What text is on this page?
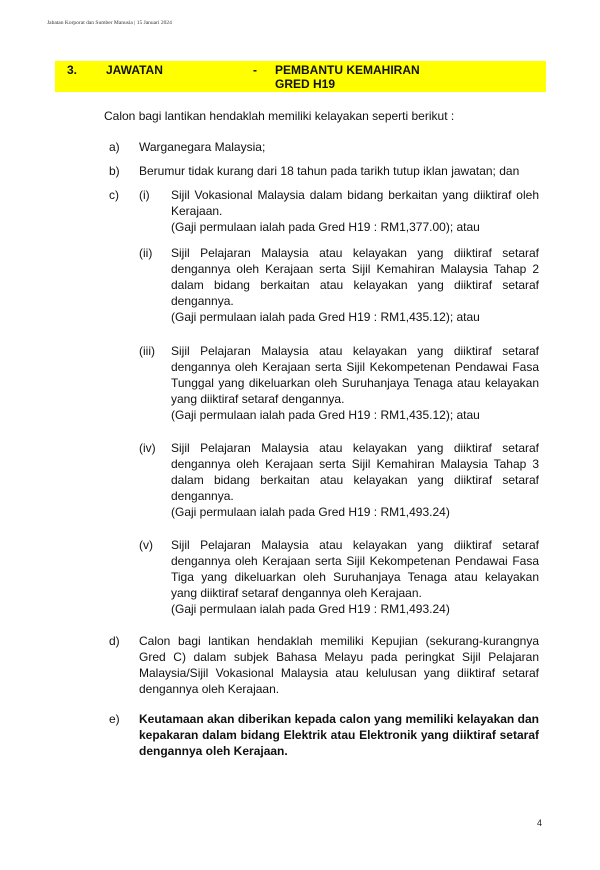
Jabatan Korporat dan Sumber Manusia | 15 Januari 2024
3. JAWATAN	- PEMBANTU KEMAHIRAN
GRED H19
Calon bagi lantikan hendaklah memiliki kelayakan seperti berikut :
a) Warganegara Malaysia;
b) Berumur tidak kurang dari 18 tahun pada tarikh tutup iklan jawatan; dan
c) (i) Sijil Vokasional Malaysia dalam bidang berkaitan yang diiktiraf oleh Kerajaan.

(Gaji permulaan ialah pada Gred H19 : RM1,377.00); atau

(ii) Sijil Pelajaran Malaysia atau kelayakan yang diiktiraf setaraf dengannya oleh Kerajaan serta Sijil Kemahiran Malaysia Tahap 2 dalam bidang berkaitan atau kelayakan yang diiktiraf setaraf dengannya.

(Gaji permulaan ialah pada Gred H19 : RM1,435.12); atau

(iii) Sijil Pelajaran Malaysia atau kelayakan yang diiktiraf setaraf dengannya oleh Kerajaan serta Sijil Kekompetenan Pendawai Fasa Tunggal yang dikeluarkan oleh Suruhanjaya Tenaga atau kelayakan yang diiktiraf setaraf dengannya.

(Gaji permulaan ialah pada Gred H19 : RM1,435.12); atau

(iv) Sijil Pelajaran Malaysia atau kelayakan yang diiktiraf setaraf dengannya oleh Kerajaan serta Sijil Kemahiran Malaysia Tahap 3 dalam bidang berkaitan atau kelayakan yang diiktiraf setaraf dengannya.

(Gaji permulaan ialah pada Gred H19 : RM1,493.24)

(v) Sijil Pelajaran Malaysia atau kelayakan yang diiktiraf setaraf dengannya oleh Kerajaan serta Sijil Kekompetenan Pendawai Fasa Tiga yang dikeluarkan oleh Suruhanjaya Tenaga atau kelayakan yang diiktiraf setaraf dengannya oleh Kerajaan.

(Gaji permulaan ialah pada Gred H19 : RM1,493.24)

d) Calon bagi lantikan hendaklah memiliki Kepujian (sekurang-kurangnya Gred C) dalam subjek Bahasa Melayu pada peringkat Sijil Pelajaran Malaysia/Sijil Vokasional Malaysia atau kelulusan yang diiktiraf setaraf dengannya oleh Kerajaan.
e) Keutamaan akan diberikan kepada calon yang memiliki kelayakan dan kepakaran dalam bidang Elektrik atau Elektronik yang diiktiraf setaraf dengannya oleh Kerajaan.
4
